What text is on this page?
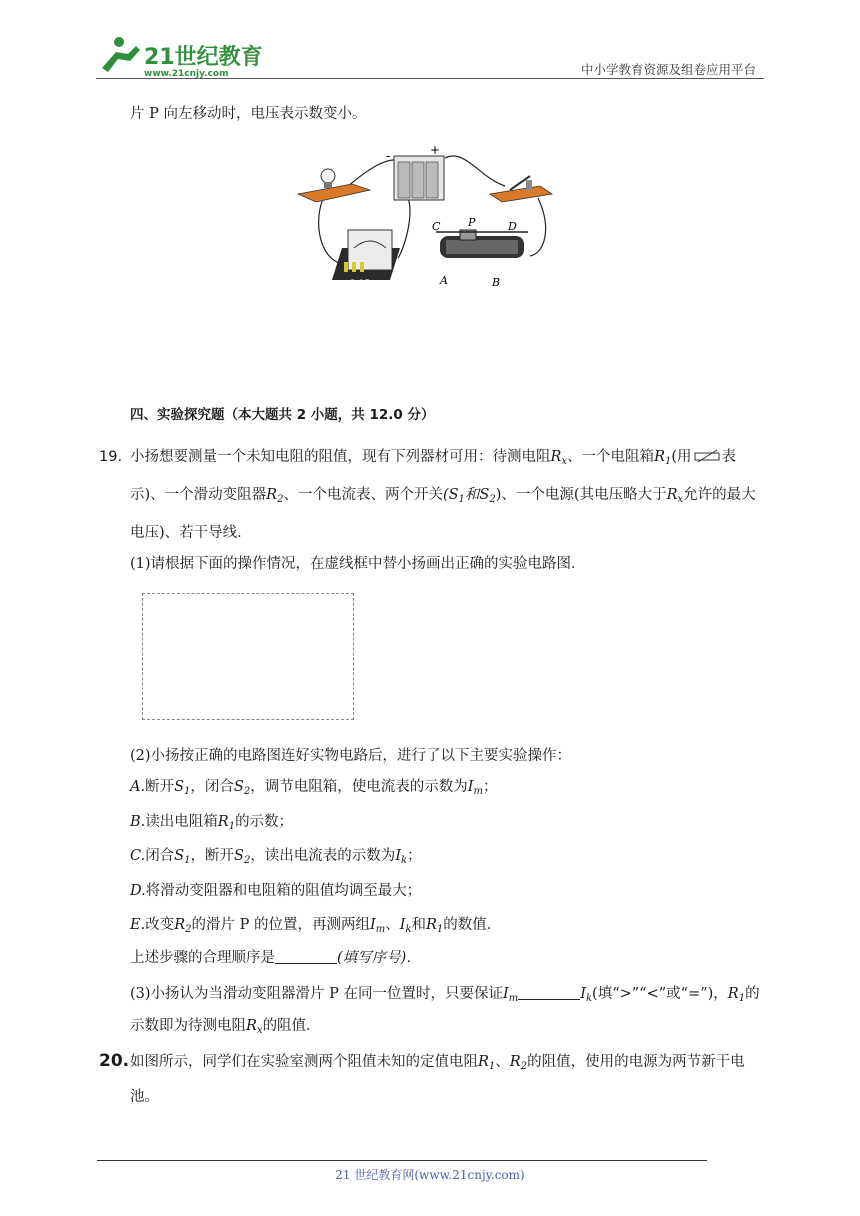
21世纪教育
www.21cnjy.com	中小学教育资源及组卷应用平台
片 P 向左移动时，电压表示数变小。
-	+
3 15
C	P	D
A	B
四、实验探究题（本大题共 2 小题，共 12.0 分）
19. 小扬想要测量一个未知电阻的阻值，现有下列器材可用：待测电阻$R_x$、一个电阻箱$R_1$(用 表
示)、一个滑动变阻器$R_2$、一个电流表、两个开关($S_1$和$S_2$)、一个电源(其电压略大于$R_x$允许的最大
电压)、若干导线．
(1)请根据下面的操作情况，在虚线框中替小扬画出正确的实验电路图．
(2)小扬按正确的电路图连好实物电路后，进行了以下主要实验操作：
A.断开$S_1$，闭合$S_2$，调节电阻箱，使电流表的示数为$I_m$；
B.读出电阻箱$R_1$的示数；
C.闭合$S_1$，断开$S_2$，读出电流表的示数为$I_k$；
D.将滑动变阻器和电阻箱的阻值均调至最大；
E.改变$R_2$的滑片 P 的位置，再测两组$I_m$、$I_k$和$R_1$的数值．
上述步骤的合理顺序是	(填写序号)．
(3)小扬认为当滑动变阻器滑片 P 在同一位置时，只要保证$I_m$	$I_k$(填“>”“<”或“=”)，$R_1$的
示数即为待测电阻$R_x$的阻值．
20. 如图所示，同学们在实验室测两个阻值未知的定值电阻$R_1$、$R_2$的阻值，使用的电源为两节新干电
池。
21 世纪教育网(www.21cnjy.com)
